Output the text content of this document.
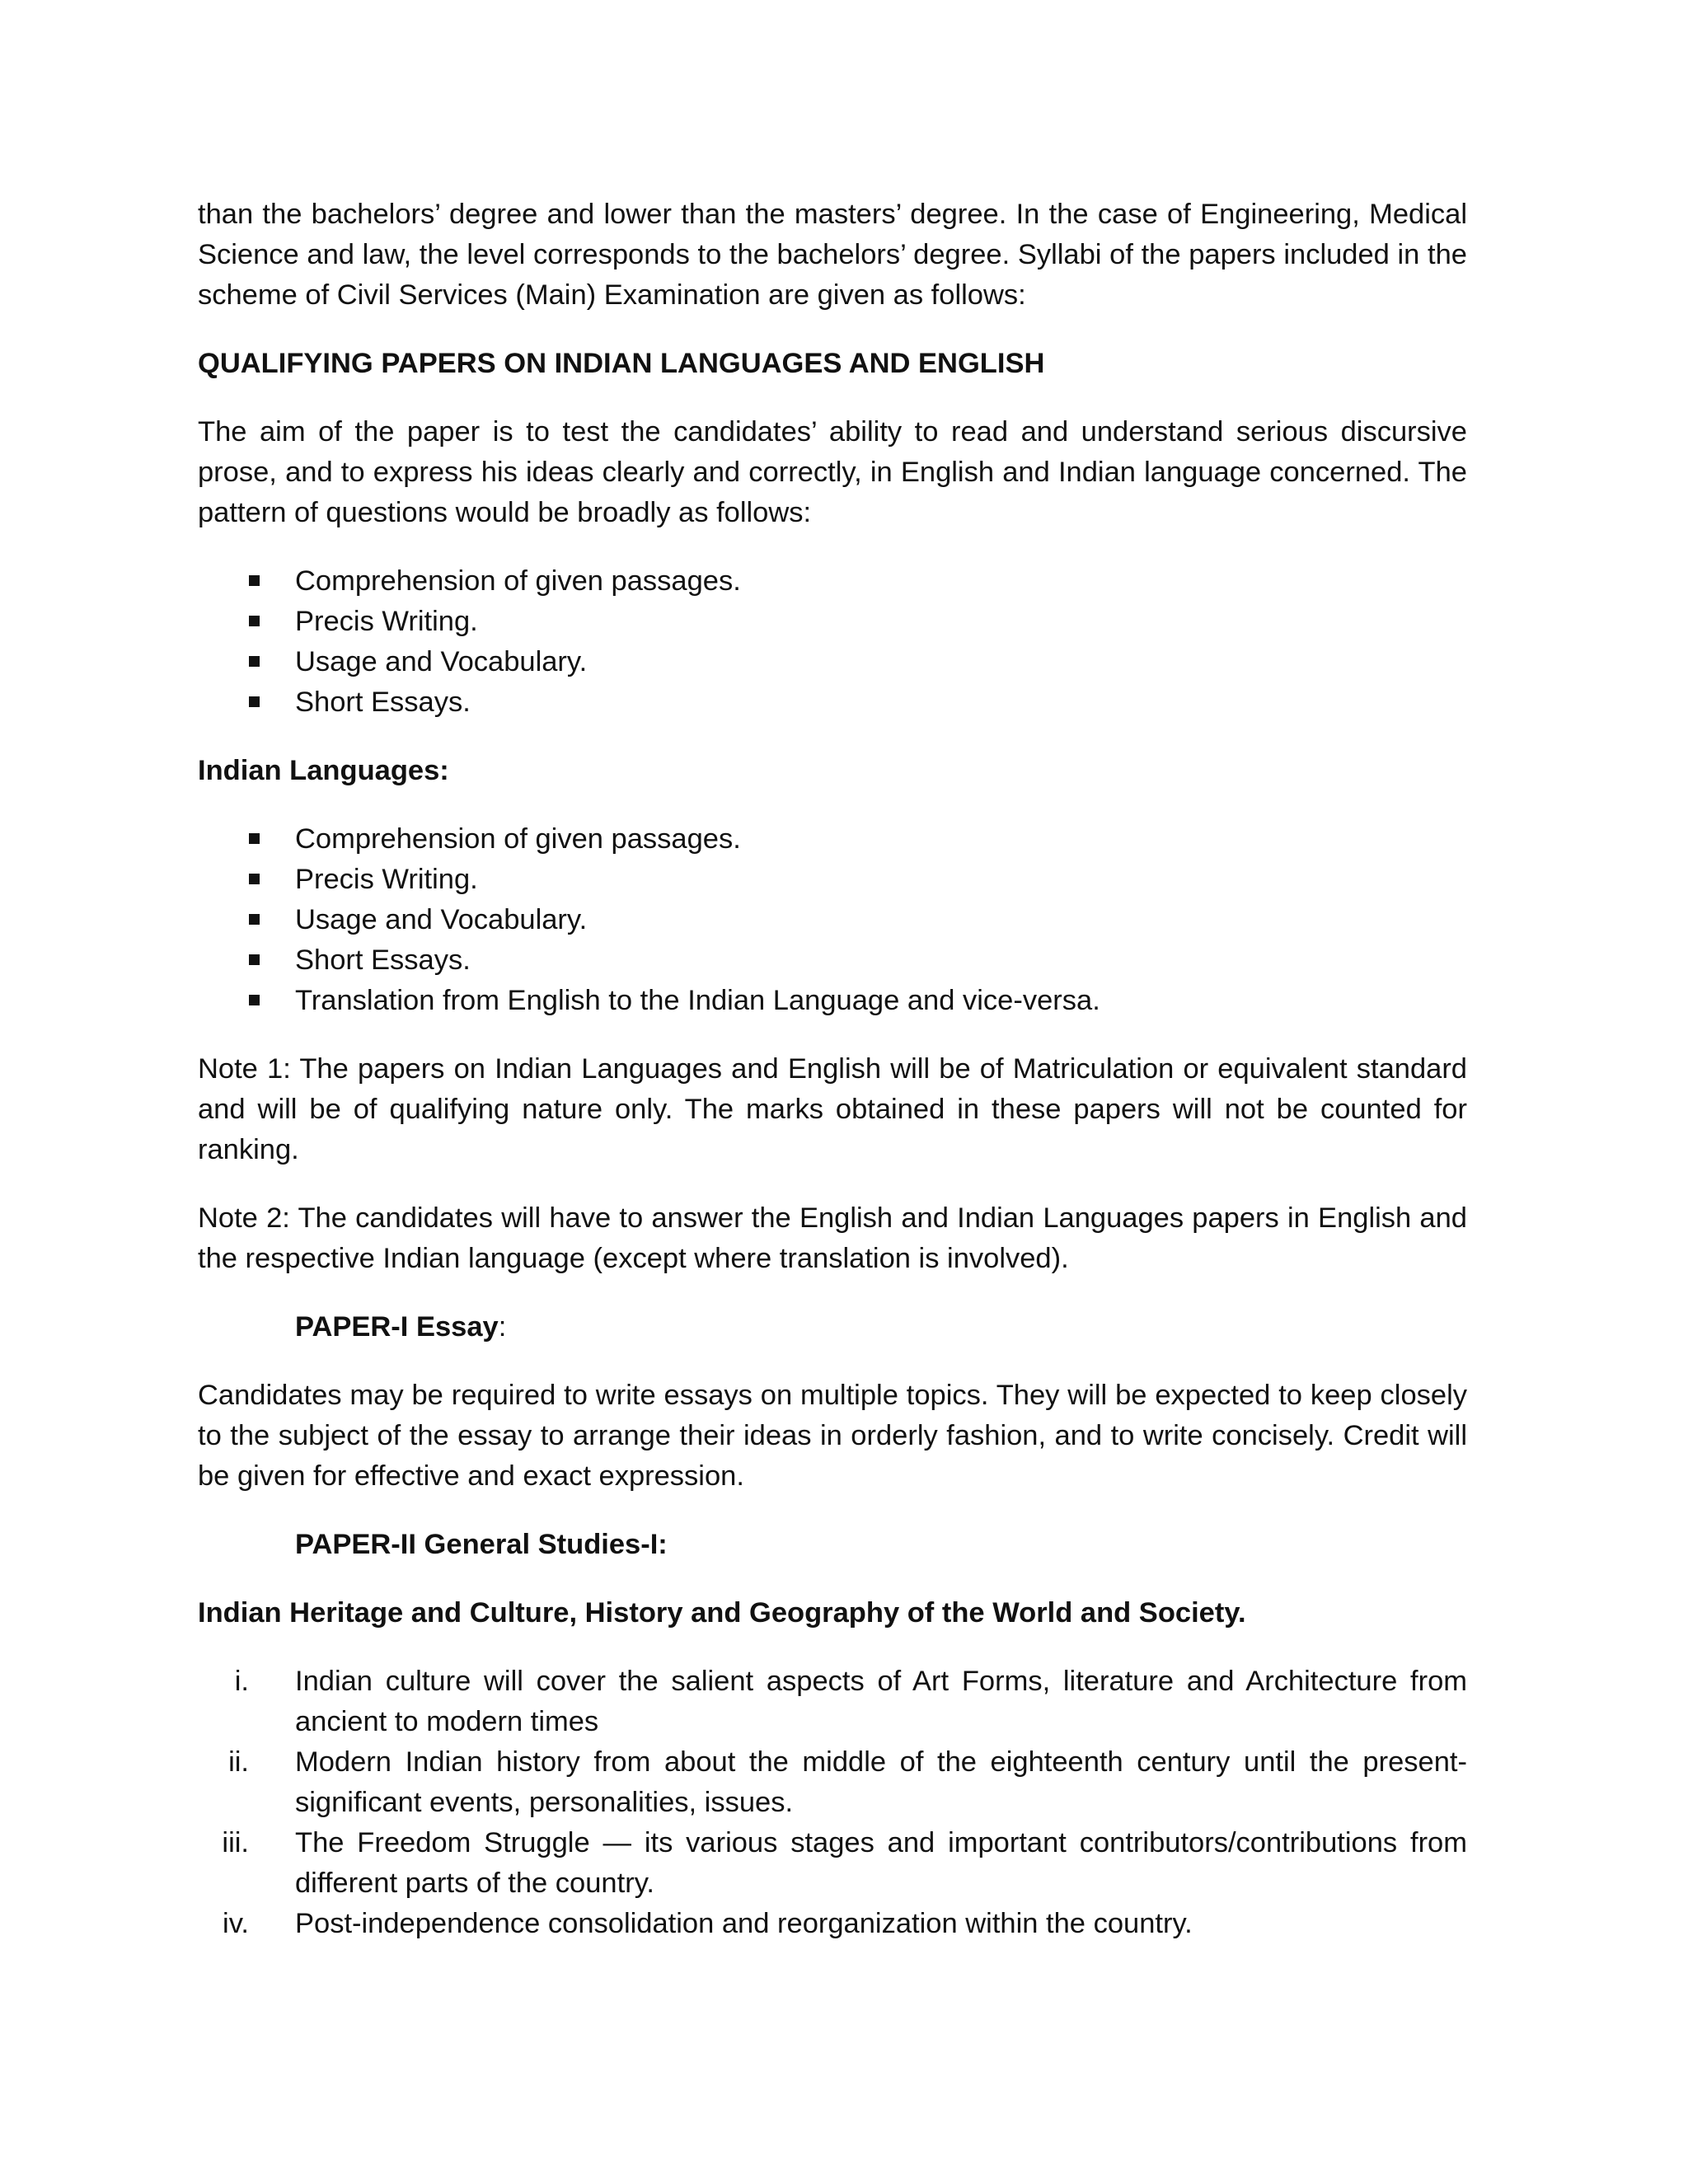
than the bachelors’ degree and lower than the masters’ degree. In the case of Engineering, Medical Science and law, the level corresponds to the bachelors’ degree. Syllabi of the papers included in the scheme of Civil Services (Main) Examination are given as follows:

QUALIFYING PAPERS ON INDIAN LANGUAGES AND ENGLISH

The aim of the paper is to test the candidates’ ability to read and understand serious discursive prose, and to express his ideas clearly and correctly, in English and Indian language concerned. The pattern of questions would be broadly as follows:

Comprehension of given passages.
Precis Writing.
Usage and Vocabulary.
Short Essays.

Indian Languages:

Comprehension of given passages.
Precis Writing.
Usage and Vocabulary.
Short Essays.
Translation from English to the Indian Language and vice-versa.

Note 1: The papers on Indian Languages and English will be of Matriculation or equivalent standard and will be of qualifying nature only. The marks obtained in these papers will not be counted for ranking.

Note 2: The candidates will have to answer the English and Indian Languages papers in English and the respective Indian language (except where translation is involved).

PAPER-I Essay:

Candidates may be required to write essays on multiple topics. They will be expected to keep closely to the subject of the essay to arrange their ideas in orderly fashion, and to write concisely. Credit will be given for effective and exact expression.

PAPER-II General Studies-I:

Indian Heritage and Culture, History and Geography of the World and Society.

i. Indian culture will cover the salient aspects of Art Forms, literature and Architecture from ancient to modern times
ii. Modern Indian history from about the middle of the eighteenth century until the present- significant events, personalities, issues.
iii. The Freedom Struggle — its various stages and important contributors/contributions from different parts of the country.
iv. Post-independence consolidation and reorganization within the country.
